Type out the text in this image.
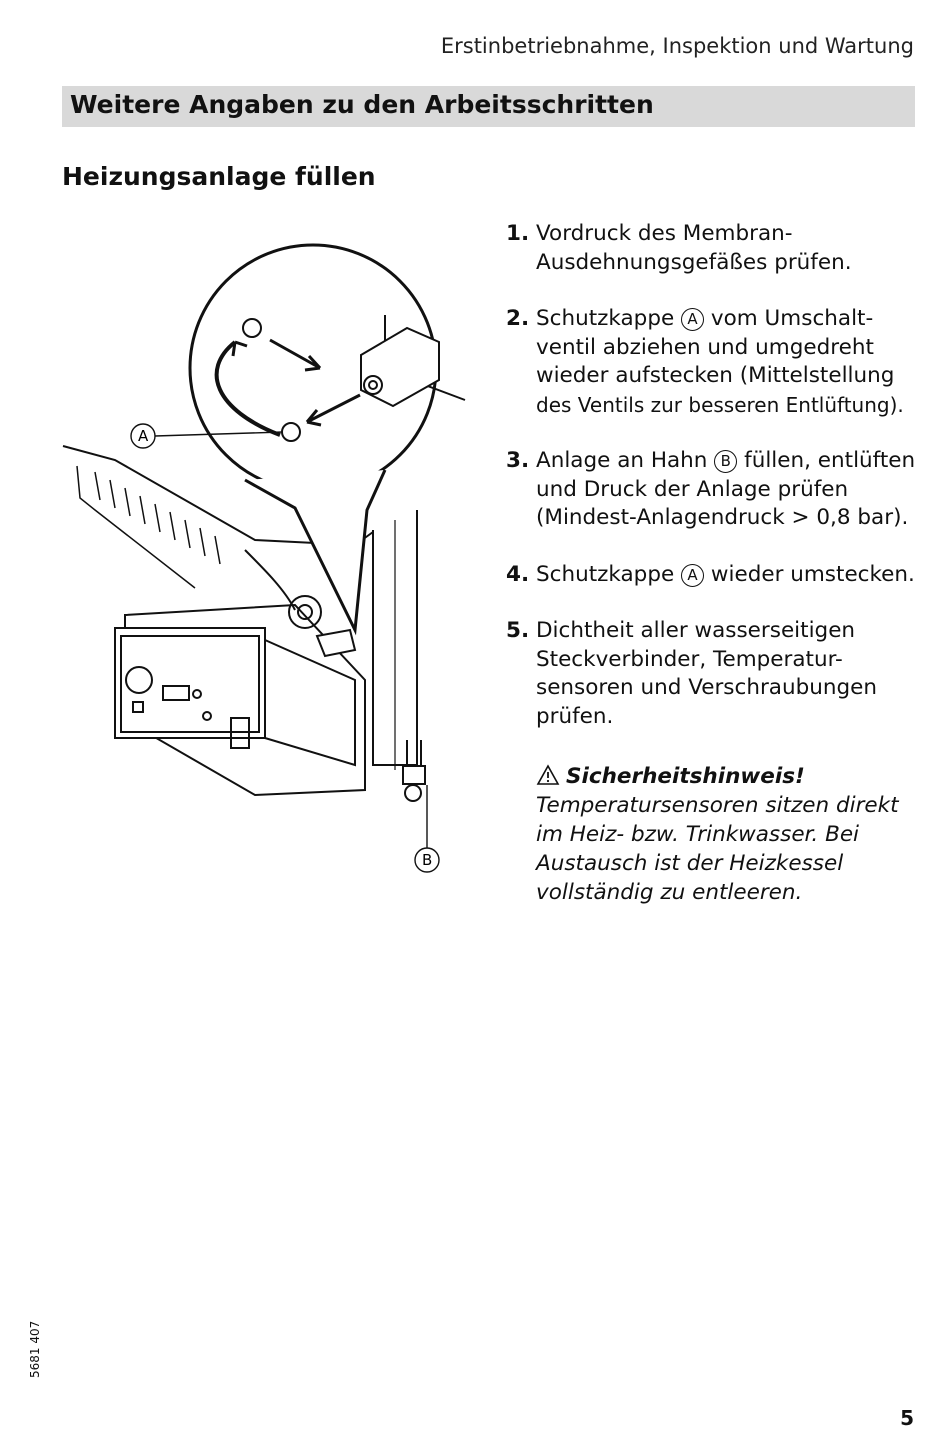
Erstinbetriebnahme, Inspektion und Wartung
Weitere Angaben zu den Arbeitsschritten
Heizungsanlage füllen
A
B
1. Vordruck des Membran-
Ausdehnungsgefäßes prüfen.
2. Schutzkappe A vom Umschalt-
ventil abziehen und umgedreht
wieder aufstecken (Mittelstellung
des Ventils zur besseren Entlüftung).
3. Anlage an Hahn B füllen, entlüften
und Druck der Anlage prüfen
(Mindest-Anlagendruck > 0,8 bar).
4. Schutzkappe A wieder umstecken.
5. Dichtheit aller wasserseitigen
Steckverbinder, Temperatur-
sensoren und Verschraubungen
prüfen.
Sicherheitshinweis!
Temperatursensoren sitzen direkt
im Heiz- bzw. Trinkwasser. Bei
Austausch ist der Heizkessel
vollständig zu entleeren.
5681 407
5
